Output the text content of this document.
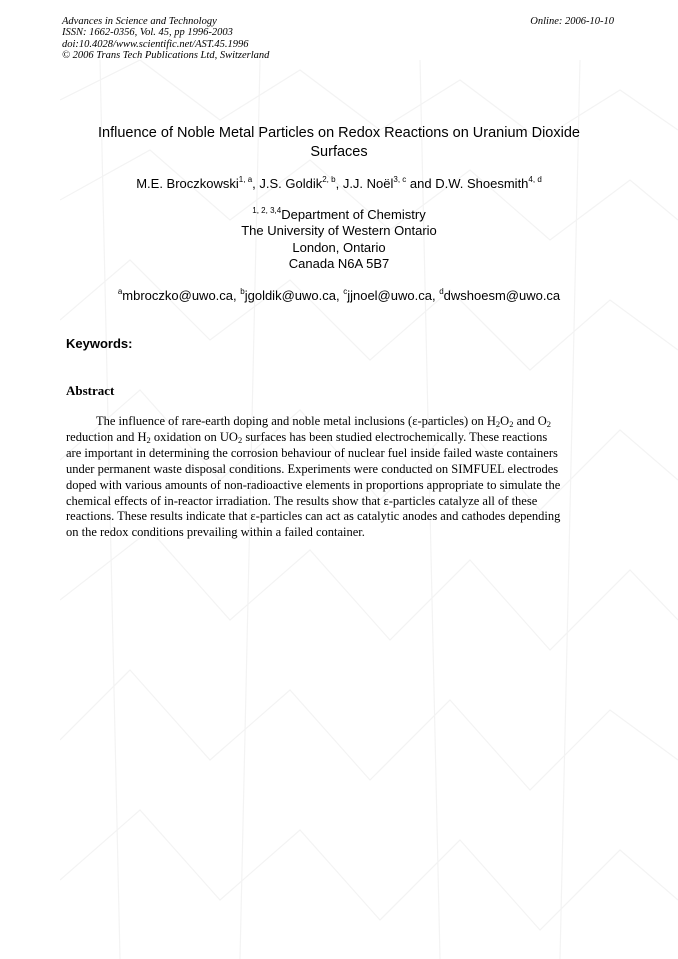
Advances in Science and Technology
ISSN: 1662-0356, Vol. 45, pp 1996-2003
doi:10.4028/www.scientific.net/AST.45.1996
© 2006 Trans Tech Publications Ltd, Switzerland
Online: 2006-10-10
Influence of Noble Metal Particles on Redox Reactions on Uranium Dioxide
Surfaces
M.E. Broczkowski$^{1, a}$, J.S. Goldik$^{2, b}$, J.J. Noël$^{3, c}$ and D.W. Shoesmith$^{4, d}$
$^{1, 2, 3,4}$Department of Chemistry
The University of Western Ontario
London, Ontario
Canada N6A 5B7
$^a$mbroczko@uwo.ca, $^b$jgoldik@uwo.ca, $^c$jjnoel@uwo.ca, $^d$dwshoesm@uwo.ca
Keywords:
Abstract
The influence of rare-earth doping and noble metal inclusions (ε-particles) on $H_2O_2$ and $O_2$
reduction and $H_2$ oxidation on $UO_2$ surfaces has been studied electrochemically. These reactions
are important in determining the corrosion behaviour of nuclear fuel inside failed waste containers
under permanent waste disposal conditions. Experiments were conducted on SIMFUEL electrodes
doped with various amounts of non-radioactive elements in proportions appropriate to simulate the
chemical effects of in-reactor irradiation. The results show that ε-particles catalyze all of these
reactions. These results indicate that ε-particles can act as catalytic anodes and cathodes depending
on the redox conditions prevailing within a failed container.
